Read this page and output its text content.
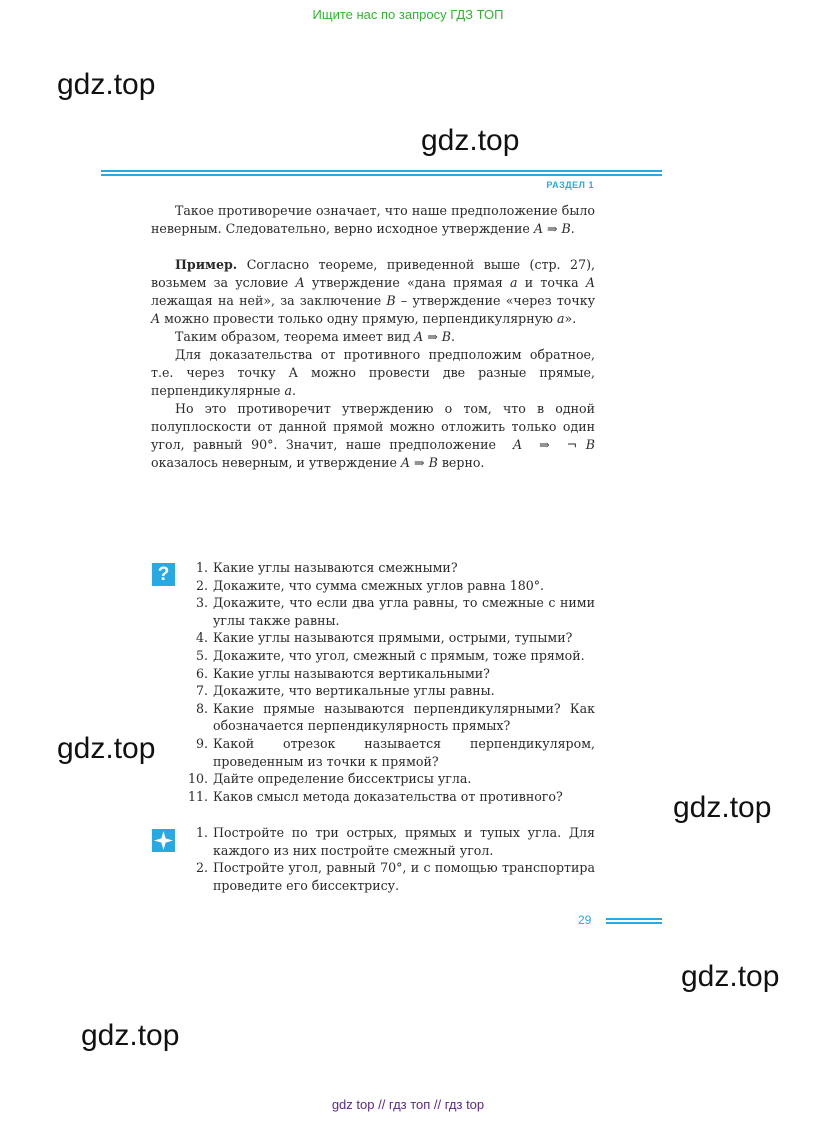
Ищите нас по запросу ГДЗ ТОП
gdz.top
gdz.top
gdz.top
gdz.top
gdz.top
gdz.top
РАЗДЕЛ 1

Такое противоречие означает, что наше предположение было неверным. Следовательно, верно исходное утверждение A ⇒ B.

Пример. Согласно теореме, приведенной выше (стр. 27), возьмем за условие A утверждение «дана прямая a и точка A лежащая на ней», за заключение B – утверждение «через точку A можно провести только одну прямую, перпендикулярную a».

Таким образом, теорема имеет вид A ⇒ B.

Для доказательства от противного предположим обратное, т.е. через точку А можно провести две разные прямые, перпендикулярные a.

Но это противоречит утверждению о том, что в одной полуплоскости от данной прямой можно отложить только один угол, равный 90°. Значит, наше предположение A  ⇒  ¬ B оказалось неверным, и утверждение A ⇒ B верно.

?	1. Какие углы называются смежными?
2. Докажите, что сумма смежных углов равна 180°.
3. Докажите, что если два угла равны, то смежные с ними углы также равны.
4. Какие углы называются прямыми, острыми, тупыми?
5. Докажите, что угол, смежный с прямым, тоже прямой.
6. Какие углы называются вертикальными?
7. Докажите, что вертикальные углы равны.
8. Какие прямые называются перпендикулярными? Как обозначается перпендикулярность прямых?
9. Какой отрезок называется перпендикуляром, проведенным из точки к прямой?
10. Дайте определение биссектрисы угла.
11. Каков смысл метода доказательства от противного?
1. Постройте по три острых, прямых и тупых угла. Для каждого из них постройте смежный угол.
2. Постройте угол, равный 70°, и с помощью транспортира проведите его биссектрису.
29
gdz top // гдз топ // гдз top
